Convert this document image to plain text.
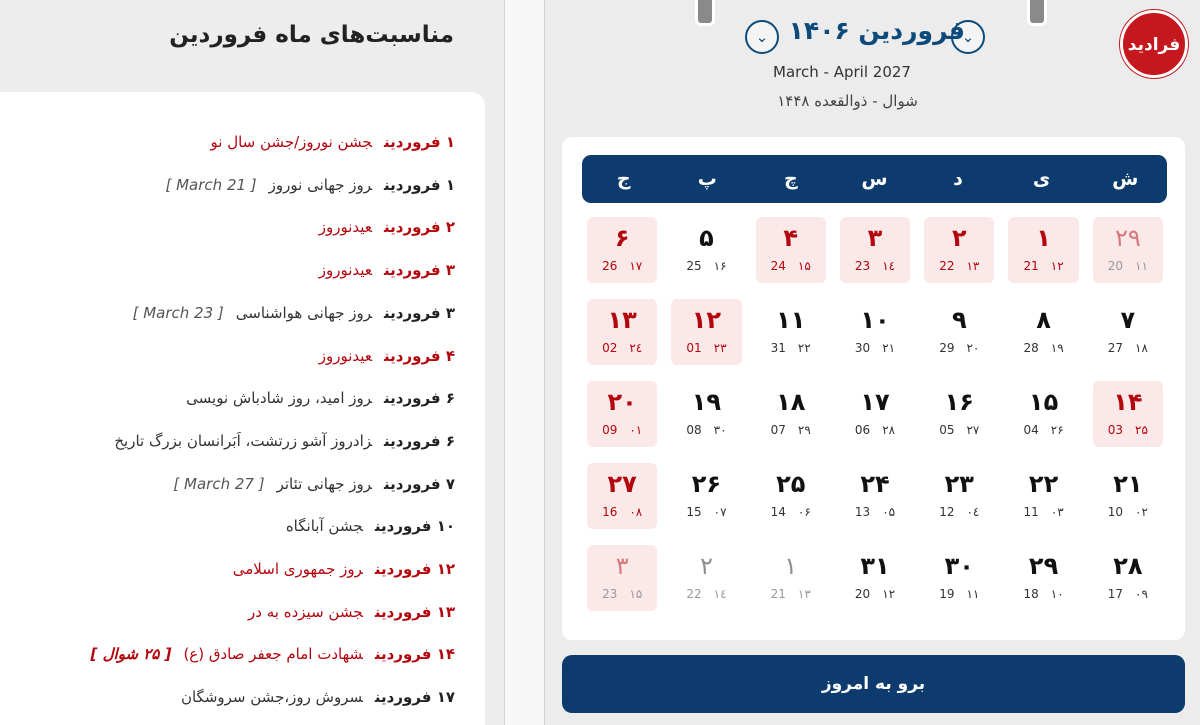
مناسبت‌های ماه فروردین
۱ فروردینجشن نوروز/جشن سال نو
۱ فروردینروز جهانی نوروز[ 21 March ]
۲ فروردینعیدنوروز
۳ فروردینعیدنوروز
۳ فروردینروز جهانی هواشناسی[ 23 March ]
۴ فروردینعیدنوروز
۶ فروردینروز امید، روز شادباش نویسی
۶ فروردینزادروز آشو زرتشت، اَبَرانسان بزرگ تاریخ
۷ فروردینروز جهانی تئاتر[ 27 March ]
۱۰ فروردینجشن آبانگاه
۱۲ فروردینروز جمهوری اسلامی
۱۳ فروردینجشن سیزده به در
۱۴ فروردینشهادت امام جعفر صادق (ع)[ ۲۵ شوال ]
۱۷ فروردینسروش روز،جشن سروشگان
⌄
فروردین ۱۴۰۶
⌄
March - April 2027
شوال - ذوالقعده ۱۴۴۸
فرادید
ش
ی
د
س
چ
پ
ج
۲۹
20 ۱۱
۱
21 ۱۲
۲
22 ۱۳
۳
23 ۱٤
۴
24 ۱۵
۵
25 ۱۶
۶
26 ۱۷
۷
27 ۱۸
۸
28 ۱۹
۹
29 ۲۰
۱۰
30 ۲۱
۱۱
31 ۲۲
۱۲
01 ۲۳
۱۳
02 ۲٤
۱۴
03 ۲۵
۱۵
04 ۲۶
۱۶
05 ۲۷
۱۷
06 ۲۸
۱۸
07 ۲۹
۱۹
08 ۳۰
۲۰
09 ۰۱
۲۱
10 ۰۲
۲۲
11 ۰۳
۲۳
12 ۰٤
۲۴
13 ۰۵
۲۵
14 ۰۶
۲۶
15 ۰۷
۲۷
16 ۰۸
۲۸
17 ۰۹
۲۹
18 ۱۰
۳۰
19 ۱۱
۳۱
20 ۱۲
۱
21 ۱۳
۲
22 ۱٤
۳
23 ۱۵
برو به امروز
